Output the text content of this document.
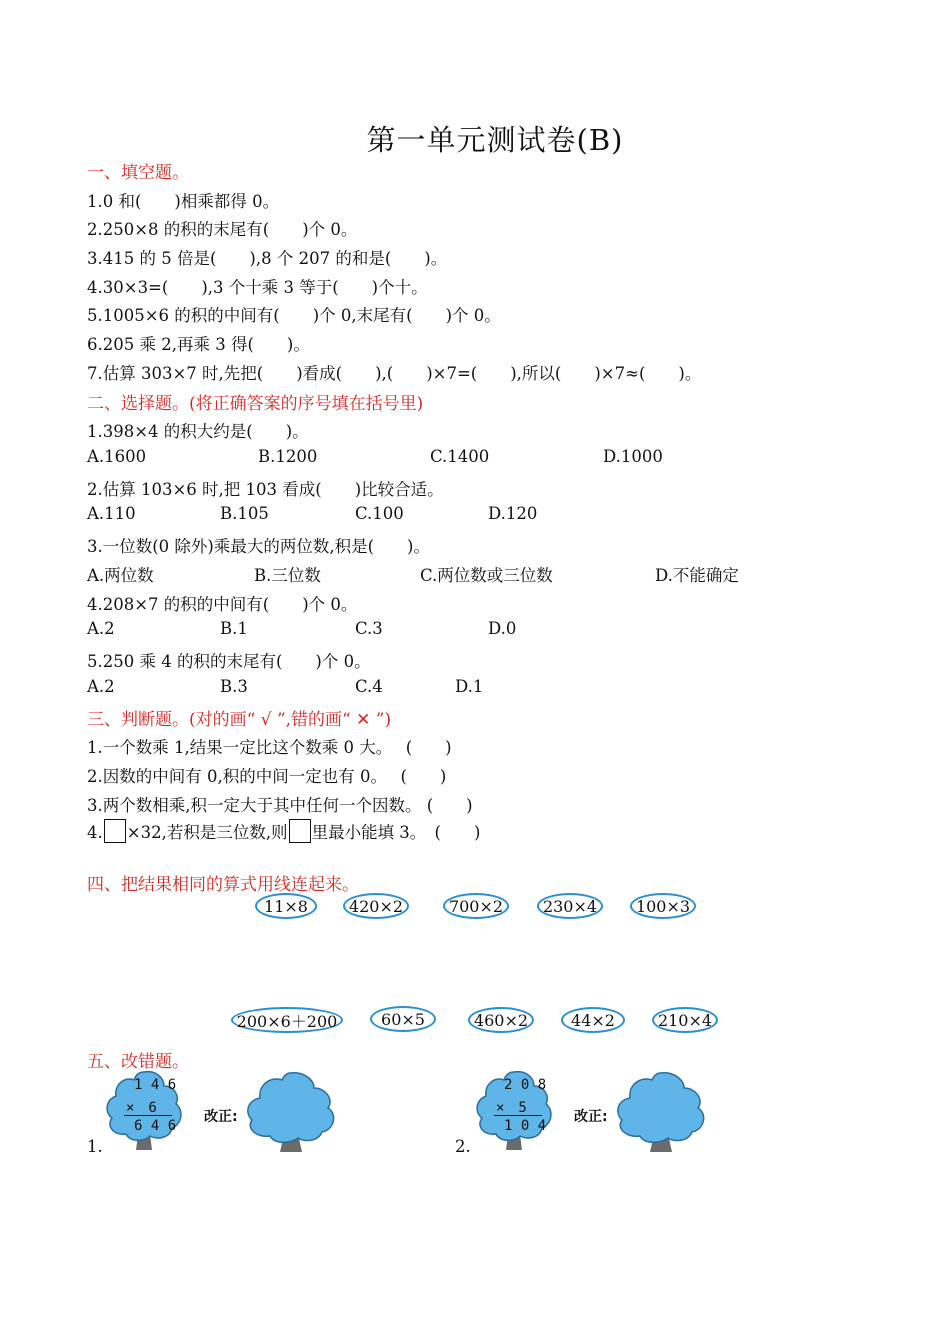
第一单元测试卷(B)
一、填空题。
1.0 和(　　)相乘都得 0。
2.250×8 的积的末尾有(　　)个 0。
3.415 的 5 倍是(　　),8 个 207 的和是(　　)。
4.30×3=(　　),3 个十乘 3 等于(　　)个十。
5.1005×6 的积的中间有(　　)个 0,末尾有(　　)个 0。
6.205 乘 2,再乘 3 得(　　)。
7.估算 303×7 时,先把(　　)看成(　　),(　　)×7=(　　),所以(　　)×7≈(　　)。
二、选择题。(将正确答案的序号填在括号里)
1.398×4 的积大约是(　　)。
A.1600	B.1200	C.1400	D.1000
2.估算 103×6 时,把 103 看成(　　)比较合适。
A.110	B.105	C.100	D.120
3.一位数(0 除外)乘最大的两位数,积是(　　)。
A.两位数	B.三位数	C.两位数或三位数	D.不能确定
4.208×7 的积的中间有(　　)个 0。
A.2	B.1	C.3	D.0
5.250 乘 4 的积的末尾有(　　)个 0。
A.2	B.3	C.4	D.1
三、判断题。(对的画“ √ ”,错的画“ ✕ ”)
1.一个数乘 1,结果一定比这个数乘 0 大。　 (　　)
2.因数的中间有 0,积的中间一定也有 0。　 (　　)
3.两个数相乘,积一定大于其中任何一个因数。 (　　)
4. ×32,若积是三位数,则 里最小能填 3。　(　　)
四、把结果相同的算式用线连起来。
11×8	420×2	700×2	230×4	100×3
200×6＋200	60×5	460×2	44×2	210×4
五、改错题。
1.
1 4 6
×　6
6 4 6
改正:
2.
2 0 8
×　5
1 0 4
改正:
